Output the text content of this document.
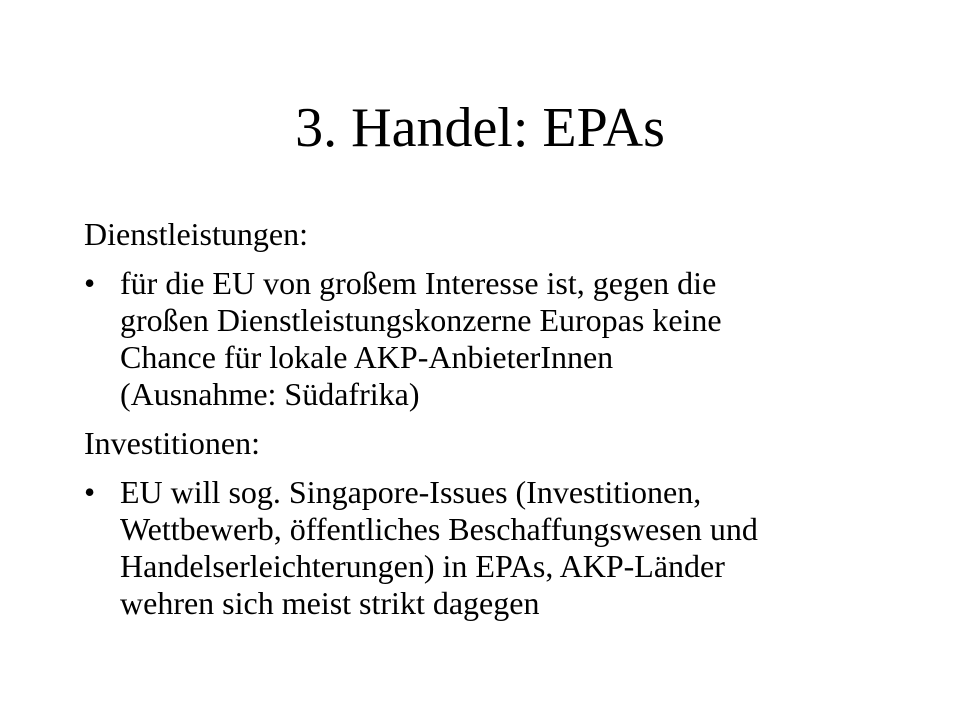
3. Handel: EPAs

Dienstleistungen:

• für die EU von großem Interesse ist, gegen die
großen Dienstleistungskonzerne Europas keine
Chance für lokale AKP-AnbieterInnen
(Ausnahme: Südafrika)

Investitionen:

• EU will sog. Singapore-Issues (Investitionen,
Wettbewerb, öffentliches Beschaffungswesen und
Handelserleichterungen) in EPAs, AKP-Länder
wehren sich meist strikt dagegen
